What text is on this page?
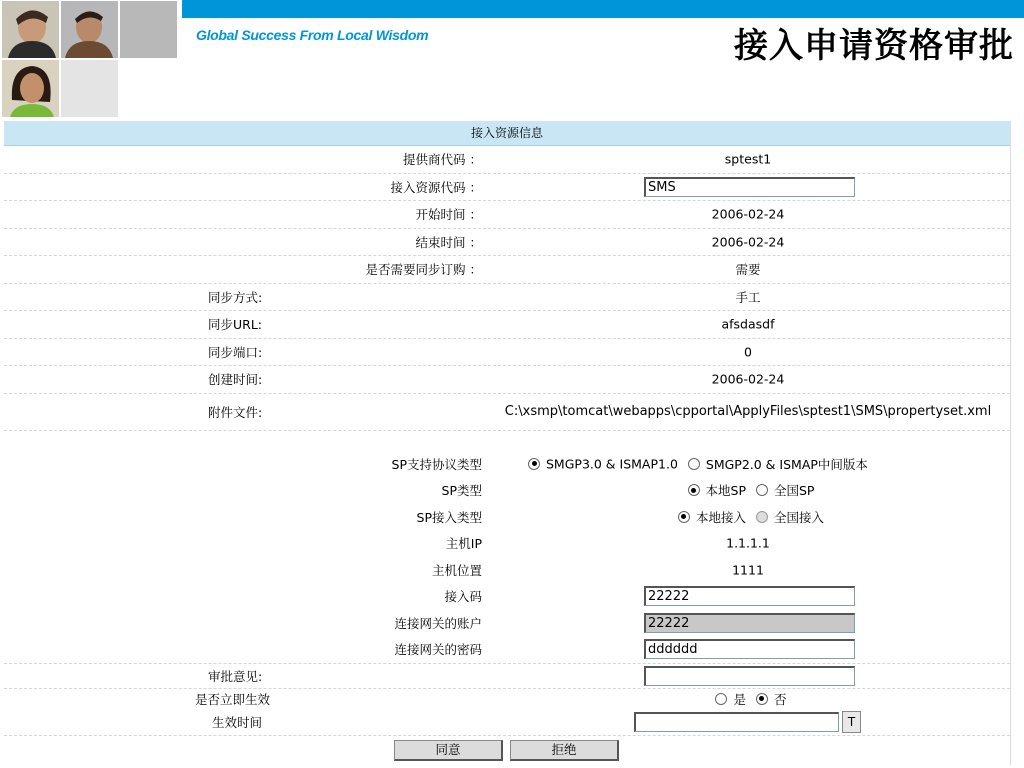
Global Success From Local Wisdom	接入申请资格审批
接入资源信息
提供商代码 ：	sptest1
接入资源代码 ：	SMS
开始时间 ：	2006-02-24
结束时间 ：	2006-02-24
是否需要同步订购 ：	需要
同步方式:	手工
同步URL:	afsdasdf
同步端口:	0
创建时间:	2006-02-24
附件文件:	C:\xsmp\tomcat\webapps\cpportal\ApplyFiles\sptest1\SMS\propertyset.xml
SP支持协议类型	SMGP3.0 & ISMAP1.0 SMGP2.0 & ISMAP中间版本
SP类型	本地SP 全国SP
SP接入类型	本地接入 全国接入
主机IP	1.1.1.1
主机位置	1111
接入码	22222
连接网关的账户	22222
连接网关的密码	dddddd
审批意见:
是否立即生效	是 否
生效时间	T
同意	拒绝
